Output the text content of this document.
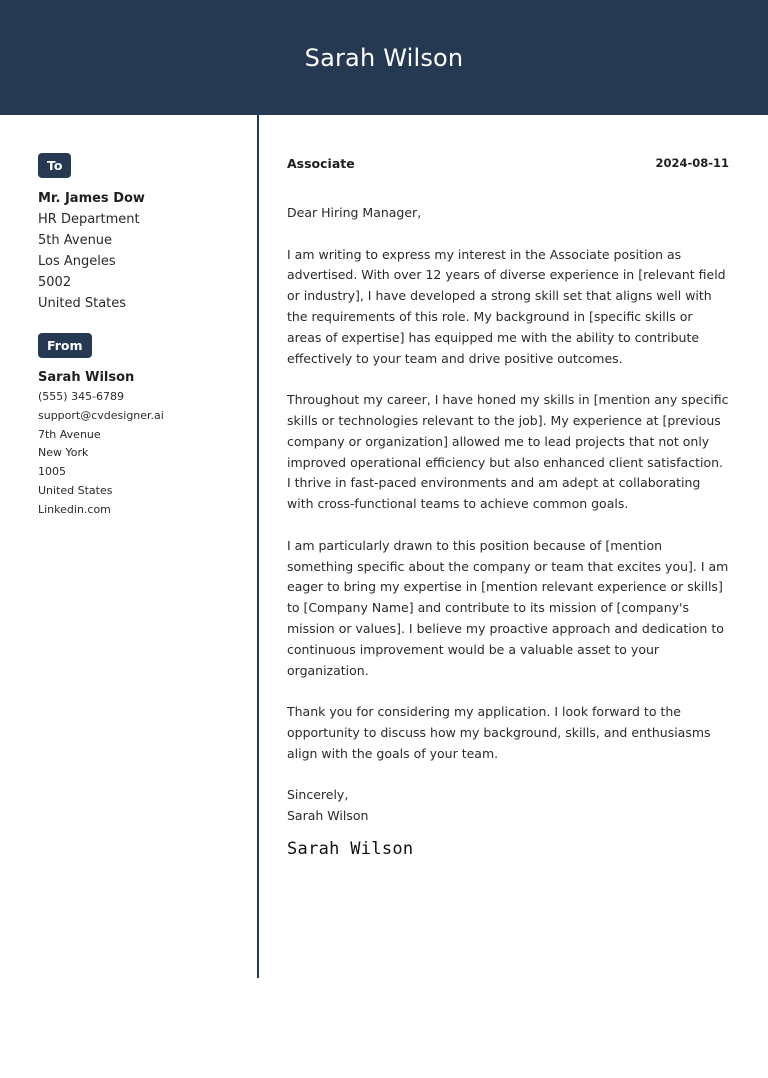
Sarah Wilson
To
Mr. James Dow
HR Department
5th Avenue
Los Angeles
5002
United States
From
Sarah Wilson
(555) 345-6789
support@cvdesigner.ai
7th Avenue
New York
1005
United States
Linkedin.com
Associate	2024-08-11
Dear Hiring Manager,
I am writing to express my interest in the Associate position as advertised. With over 12 years of diverse experience in [relevant field or industry], I have developed a strong skill set that aligns well with the requirements of this role. My background in [specific skills or areas of expertise] has equipped me with the ability to contribute effectively to your team and drive positive outcomes.
Throughout my career, I have honed my skills in [mention any specific skills or technologies relevant to the job]. My experience at [previous company or organization] allowed me to lead projects that not only improved operational efficiency but also enhanced client satisfaction. I thrive in fast-paced environments and am adept at collaborating with cross-functional teams to achieve common goals.
I am particularly drawn to this position because of [mention something specific about the company or team that excites you]. I am eager to bring my expertise in [mention relevant experience or skills] to [Company Name] and contribute to its mission of [company's mission or values]. I believe my proactive approach and dedication to continuous improvement would be a valuable asset to your organization.
Thank you for considering my application. I look forward to the opportunity to discuss how my background, skills, and enthusiasms align with the goals of your team.
Sincerely,
Sarah Wilson
Sarah Wilson
